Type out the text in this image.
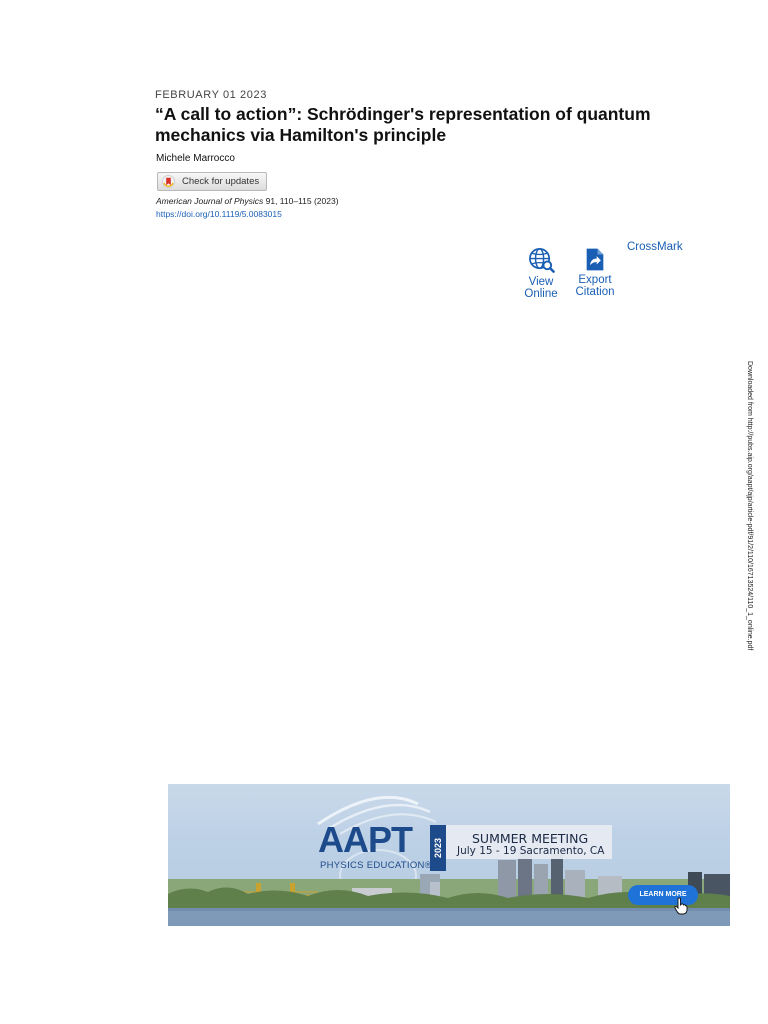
FEBRUARY 01 2023
“A call to action”: Schrödinger's representation of quantum mechanics via Hamilton's principle
Michele Marrocco
Check for updates
American Journal of Physics 91, 110–115 (2023)
https://doi.org/10.1119/5.0083015
View Online
Export Citation
CrossMark
Downloaded from http://pubs.aip.org/aapt/ajp/article-pdf/91/2/110/16713524/110_1_online.pdf
AAPT	2023
PHYSICS EDUCATION®
SUMMER MEETING
July 15 - 19 Sacramento, CA
LEARN MORE
